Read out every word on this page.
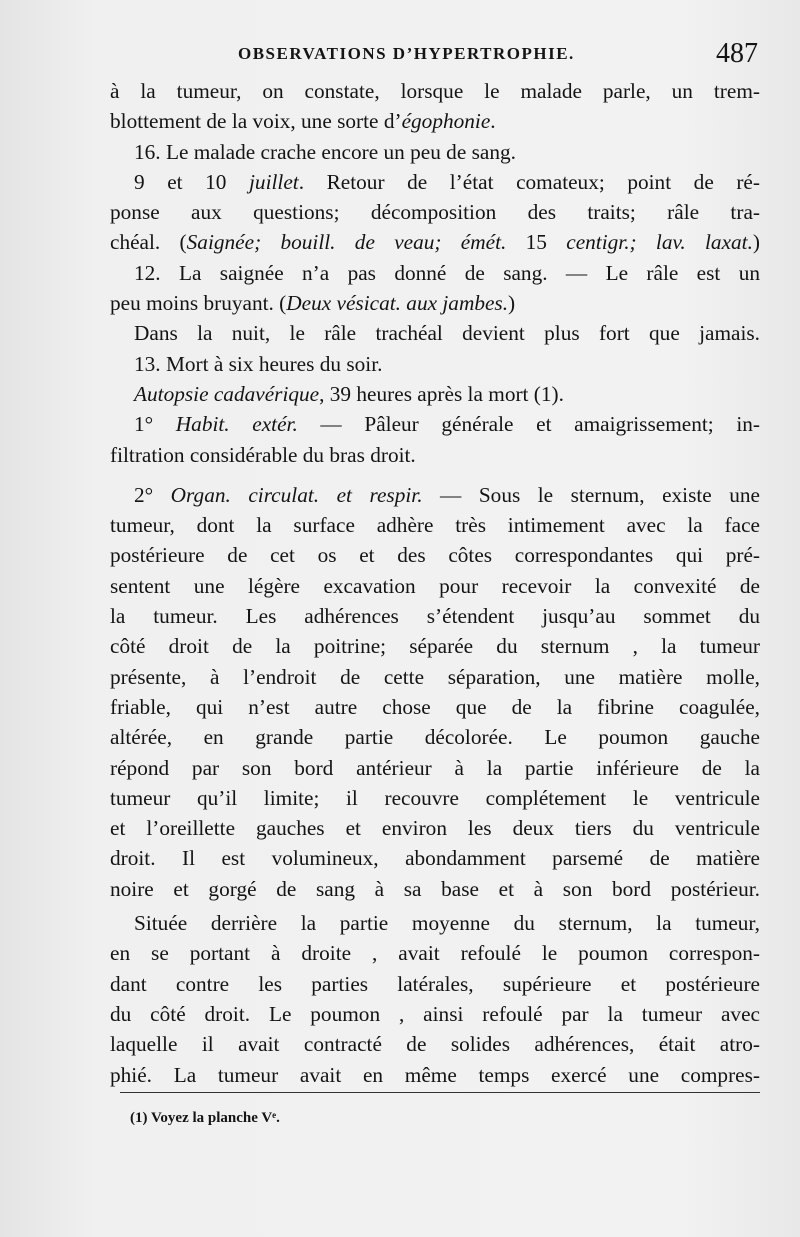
OBSERVATIONS D’HYPERTROPHIE.	487
à la tumeur, on constate, lorsque le malade parle, un trem-
blottement de la voix, une sorte d’égophonie.
16. Le malade crache encore un peu de sang.
9 et 10 juillet. Retour de l’état comateux; point de ré-
ponse aux questions; décomposition des traits; râle tra-
chéal. (Saignée; bouill. de veau; émét. 15 centigr.; lav. laxat.)
12. La saignée n’a pas donné de sang. — Le râle est un
peu moins bruyant. (Deux vésicat. aux jambes.)
Dans la nuit, le râle trachéal devient plus fort que jamais.
13. Mort à six heures du soir.
Autopsie cadavérique, 39 heures après la mort (1).
1° Habit. extér. — Pâleur générale et amaigrissement; in-
filtration considérable du bras droit.
2° Organ. circulat. et respir. — Sous le sternum, existe une
tumeur, dont la surface adhère très intimement avec la face
postérieure de cet os et des côtes correspondantes qui pré-
sentent une légère excavation pour recevoir la convexité de
la tumeur. Les adhérences s’étendent jusqu’au sommet du
côté droit de la poitrine; séparée du sternum , la tumeur
présente, à l’endroit de cette séparation, une matière molle,
friable, qui n’est autre chose que de la fibrine coagulée,
altérée, en grande partie décolorée. Le poumon gauche
répond par son bord antérieur à la partie inférieure de la
tumeur qu’il limite; il recouvre complétement le ventricule
et l’oreillette gauches et environ les deux tiers du ventricule
droit. Il est volumineux, abondamment parsemé de matière
noire et gorgé de sang à sa base et à son bord postérieur.
Située derrière la partie moyenne du sternum, la tumeur,
en se portant à droite , avait refoulé le poumon correspon-
dant contre les parties latérales, supérieure et postérieure
du côté droit. Le poumon , ainsi refoulé par la tumeur avec
laquelle il avait contracté de solides adhérences, était atro-
phié. La tumeur avait en même temps exercé une compres-
(1) Voyez la planche Vᵉ.
